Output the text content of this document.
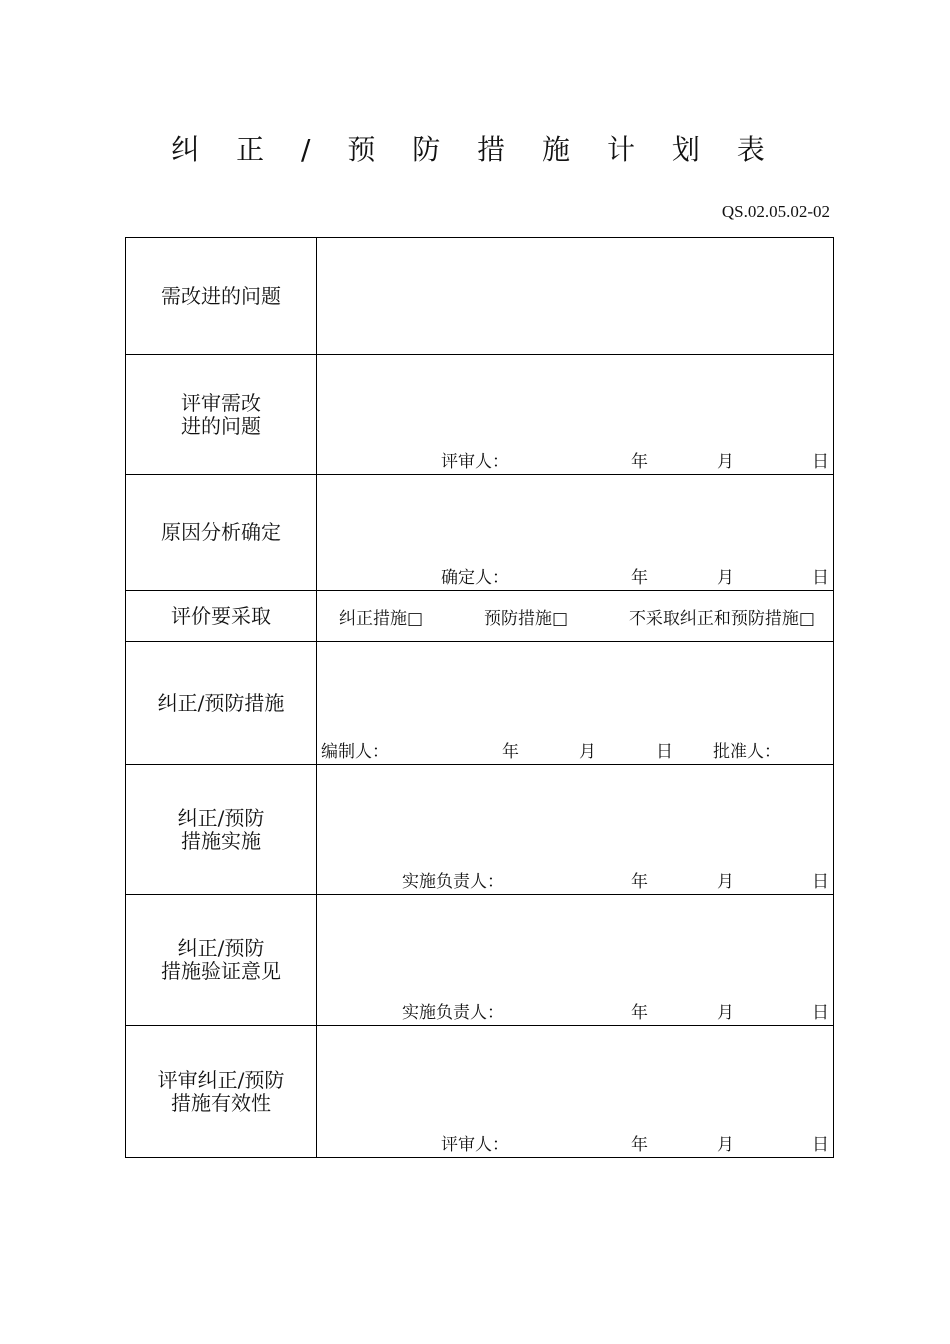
纠 正 / 预 防 措 施 计 划 表
QS.02.05.02-02
需改进的问题	

评审需改
进的问题	评审人： 年 月 日

原因分析确定	确定人： 年 月 日

评价要采取	纠正措施□ 预防措施□ 不采取纠正和预防措施□

纠正/预防措施	编制人： 年 月 日 批准人：

纠正/预防
措施实施	实施负责人： 年 月 日

纠正/预防
措施验证意见	实施负责人： 年 月 日

评审纠正/预防
措施有效性	评审人： 年 月 日
